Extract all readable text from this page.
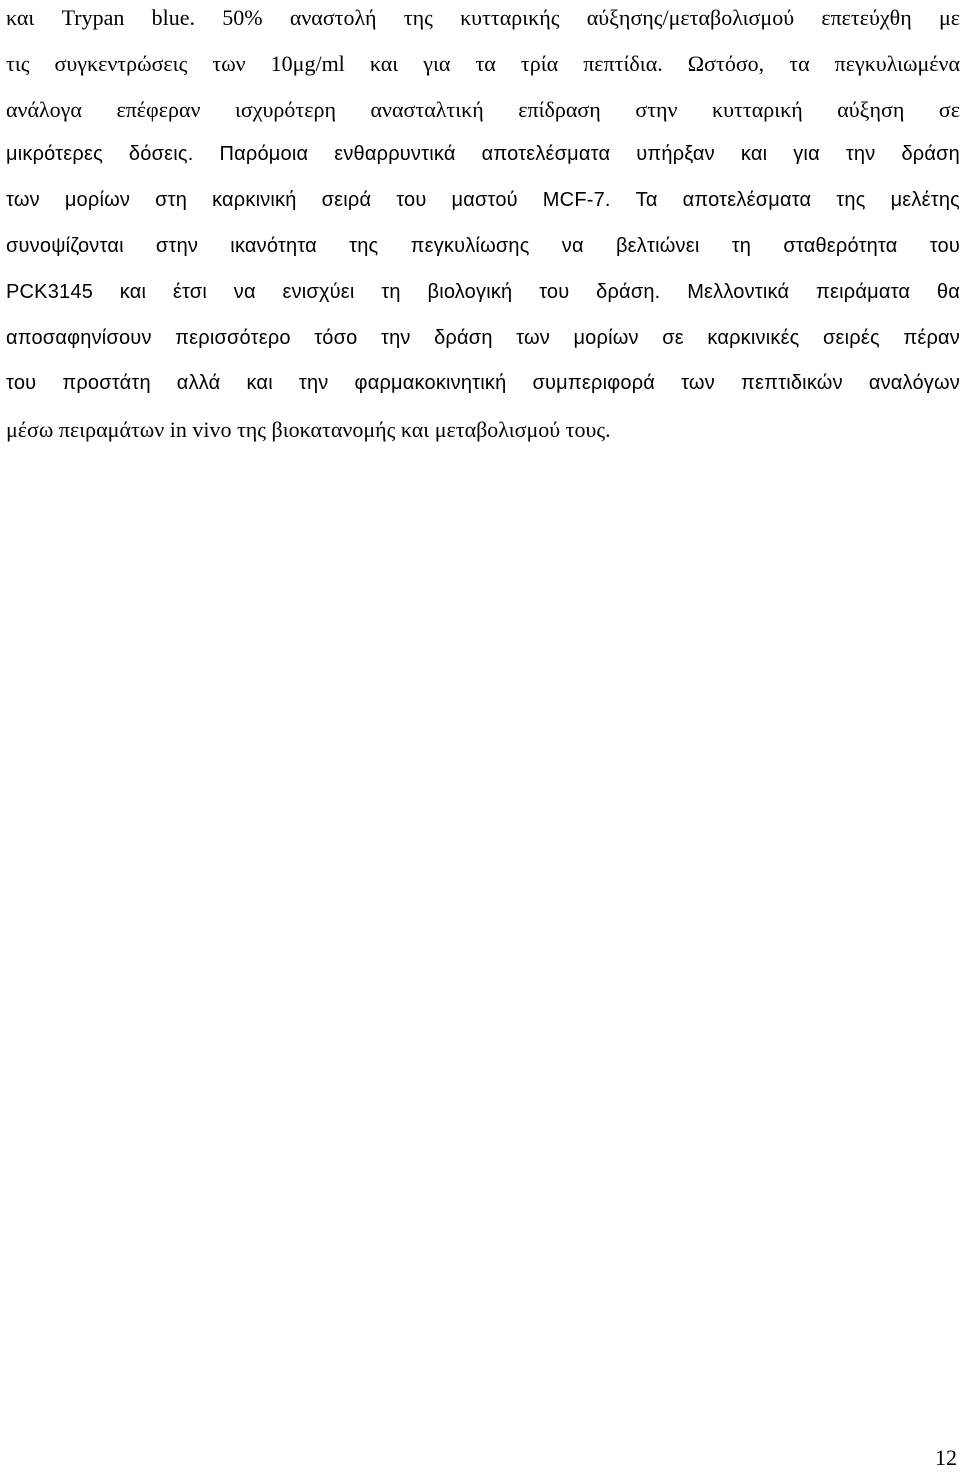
και Trypan blue. 50% αναστολή της κυτταρικής αύξησης/μεταβολισμού επετεύχθη με
τις συγκεντρώσεις των 10μg/ml και για τα τρία πεπτίδια. Ωστόσο, τα πεγκυλιωμένα
ανάλογα επέφεραν ισχυρότερη ανασταλτική επίδραση στην κυτταρική αύξηση σε
μικρότερες δόσεις. Παρόμοια ενθαρρυντικά αποτελέσματα υπήρξαν και για την δράση
των μορίων στη καρκινική σειρά του μαστού MCF-7. Τα αποτελέσματα της μελέτης
συνοψίζονται στην ικανότητα της πεγκυλίωσης να βελτιώνει τη σταθερότητα του
PCK3145 και έτσι να ενισχύει τη βιολογική του δράση. Μελλοντικά πειράματα θα
αποσαφηνίσουν περισσότερο τόσο την δράση των μορίων σε καρκινικές σειρές πέραν
του προστάτη αλλά και την φαρμακοκινητική συμπεριφορά των πεπτιδικών αναλόγων
μέσω πειραμάτων in vivo της βιοκατανομής και μεταβολισμού τους.
12
